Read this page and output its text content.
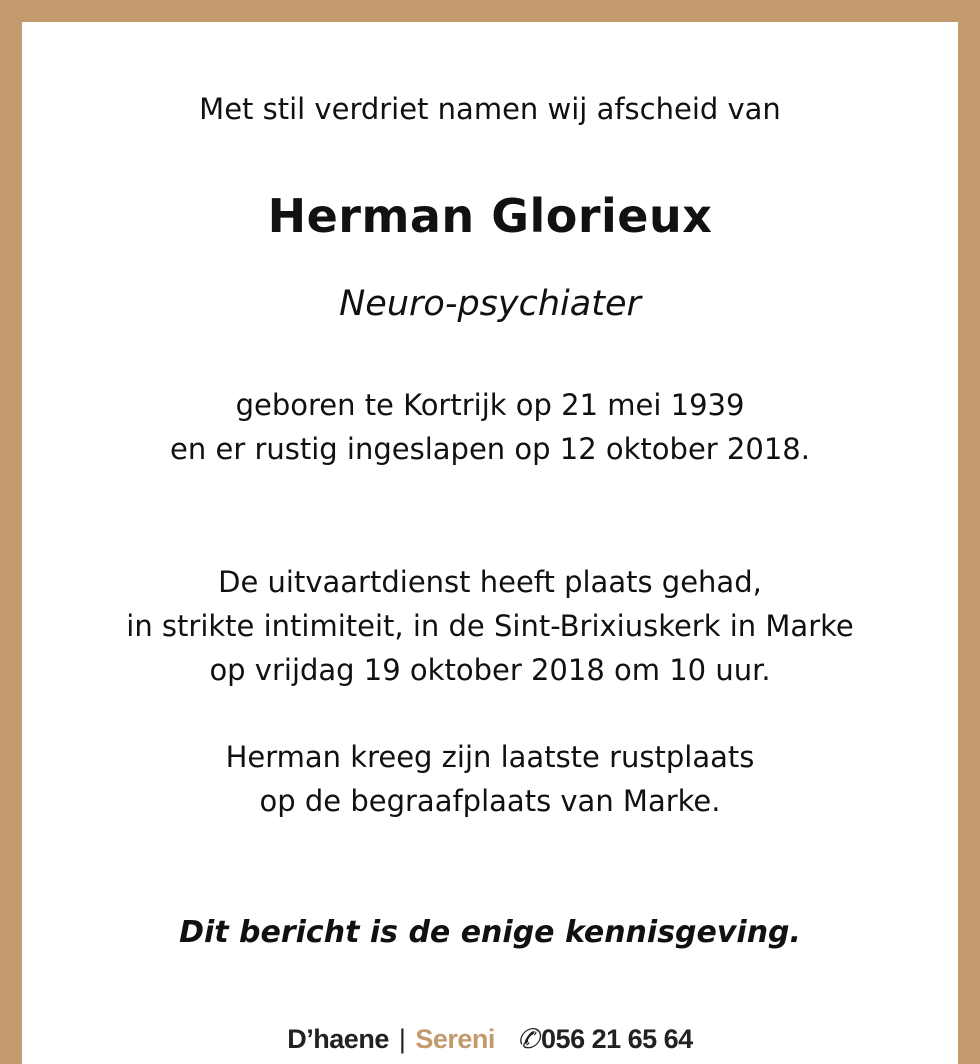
Met stil verdriet namen wij afscheid van
Herman Glorieux
Neuro-psychiater
geboren te Kortrijk op 21 mei 1939
en er rustig ingeslapen op 12 oktober 2018.
De uitvaartdienst heeft plaats gehad,
in strikte intimiteit, in de Sint-Brixiuskerk in Marke
op vrijdag 19 oktober 2018 om 10 uur.
Herman kreeg zijn laatste rustplaats
op de begraafplaats van Marke.
Dit bericht is de enige kennisgeving.
D’haene | Sereni ✆056 21 65 64
